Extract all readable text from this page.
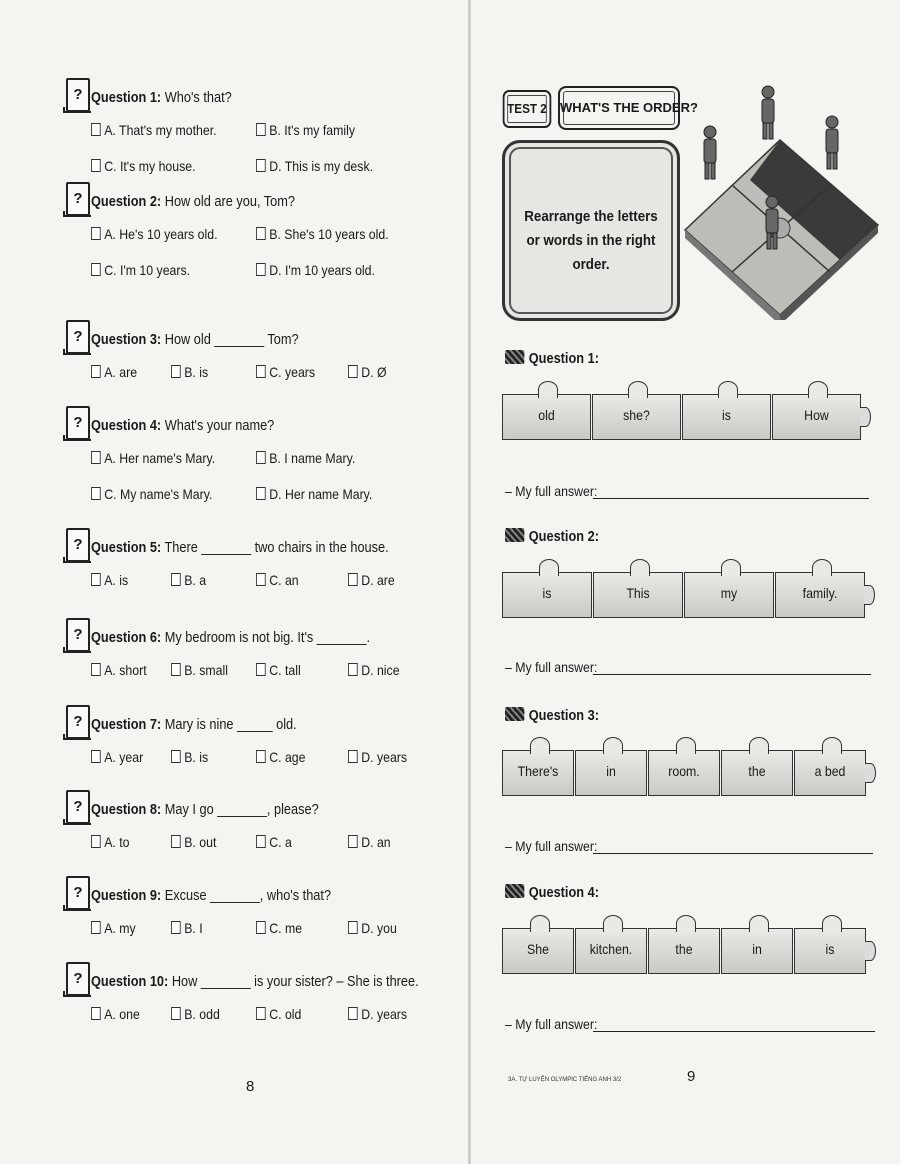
? Question 1: Who's that?
A. That's my mother.	B. It's my family
C. It's my house.	D. This is my desk.
? Question 2: How old are you, Tom?
A. He's 10 years old.	B. She's 10 years old.
C. I'm 10 years.	D. I'm 10 years old.
? Question 3: How old _______ Tom?
A. are	B. is	C. years	D. Ø
? Question 4: What's your name?
A. Her name's Mary.	B. I name Mary.
C. My name's Mary.	D. Her name Mary.
? Question 5: There _______ two chairs in the house.
A. is	B. a	C. an	D. are
? Question 6: My bedroom is not big. It's _______.
A. short	B. small	C. tall	D. nice
? Question 7: Mary is nine _____ old.
A. year	B. is	C. age	D. years
? Question 8: May I go _______, please?
A. to	B. out	C. a	D. an
? Question 9: Excuse _______, who's that?
A. my	B. I	C. me	D. you
? Question 10: How _______ is your sister? – She is three.
A. one	B. odd	C. old	D. years
8
TEST 2	WHAT'S THE ORDER?
Rearrange the letters or words in the right order.
Question 1:
old	she?	is	How
– My full answer:
Question 2:
is	This	my	family.
– My full answer:
Question 3:
There's	in	room.	the	a bed
– My full answer:
Question 4:
She	kitchen.	the	in	is
– My full answer:
3A. TỰ LUYỆN OLYMPIC TIẾNG ANH 3/2	9
